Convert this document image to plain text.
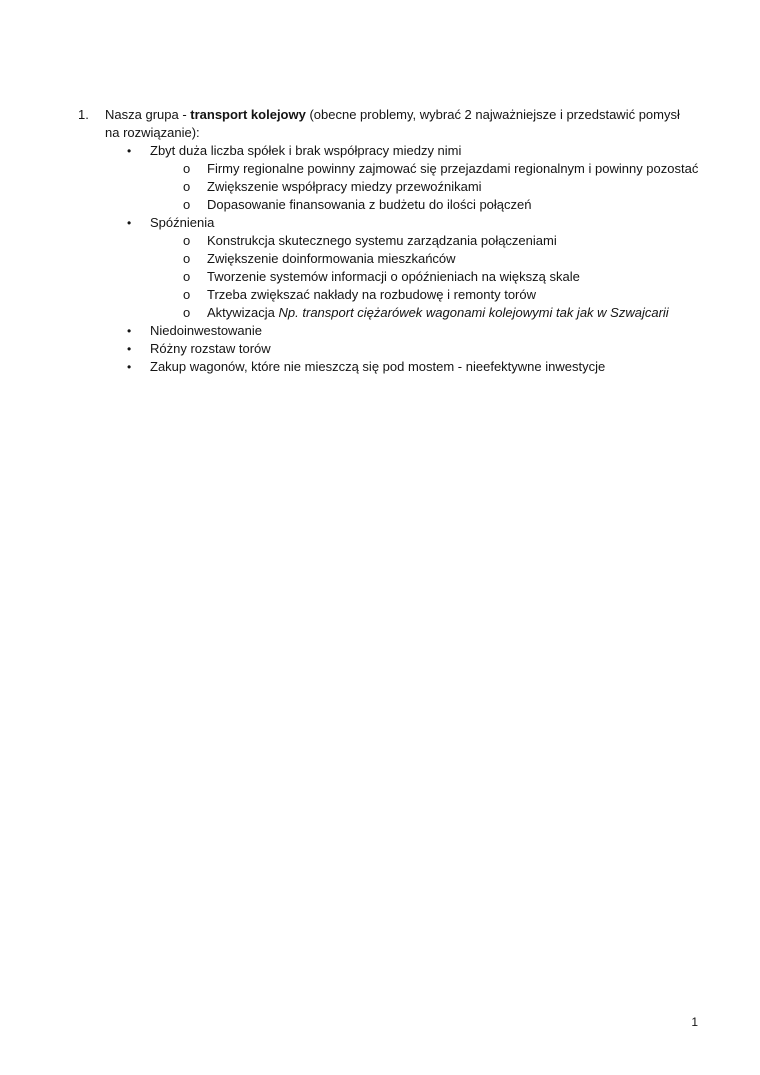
1.	Nasza grupa - transport kolejowy (obecne problemy, wybrać 2 najważniejsze i przedstawić pomysł
na rozwiązanie):
•	Zbyt duża liczba spółek i brak współpracy miedzy nimi
o	Firmy regionalne powinny zajmować się przejazdami regionalnym i powinny pozostać
o	Zwiększenie współpracy miedzy przewoźnikami
o	Dopasowanie finansowania z budżetu do ilości połączeń
•	Spóźnienia
o	Konstrukcja skutecznego systemu zarządzania połączeniami
o	Zwiększenie doinformowania mieszkańców
o	Tworzenie systemów informacji o opóźnieniach na większą skale
o	Trzeba zwiększać nakłady na rozbudowę i remonty torów
o	Aktywizacja Np. transport ciężarówek wagonami kolejowymi tak jak w Szwajcarii
•	Niedoinwestowanie
•	Różny rozstaw torów
•	Zakup wagonów, które nie mieszczą się pod mostem - nieefektywne inwestycje
1
